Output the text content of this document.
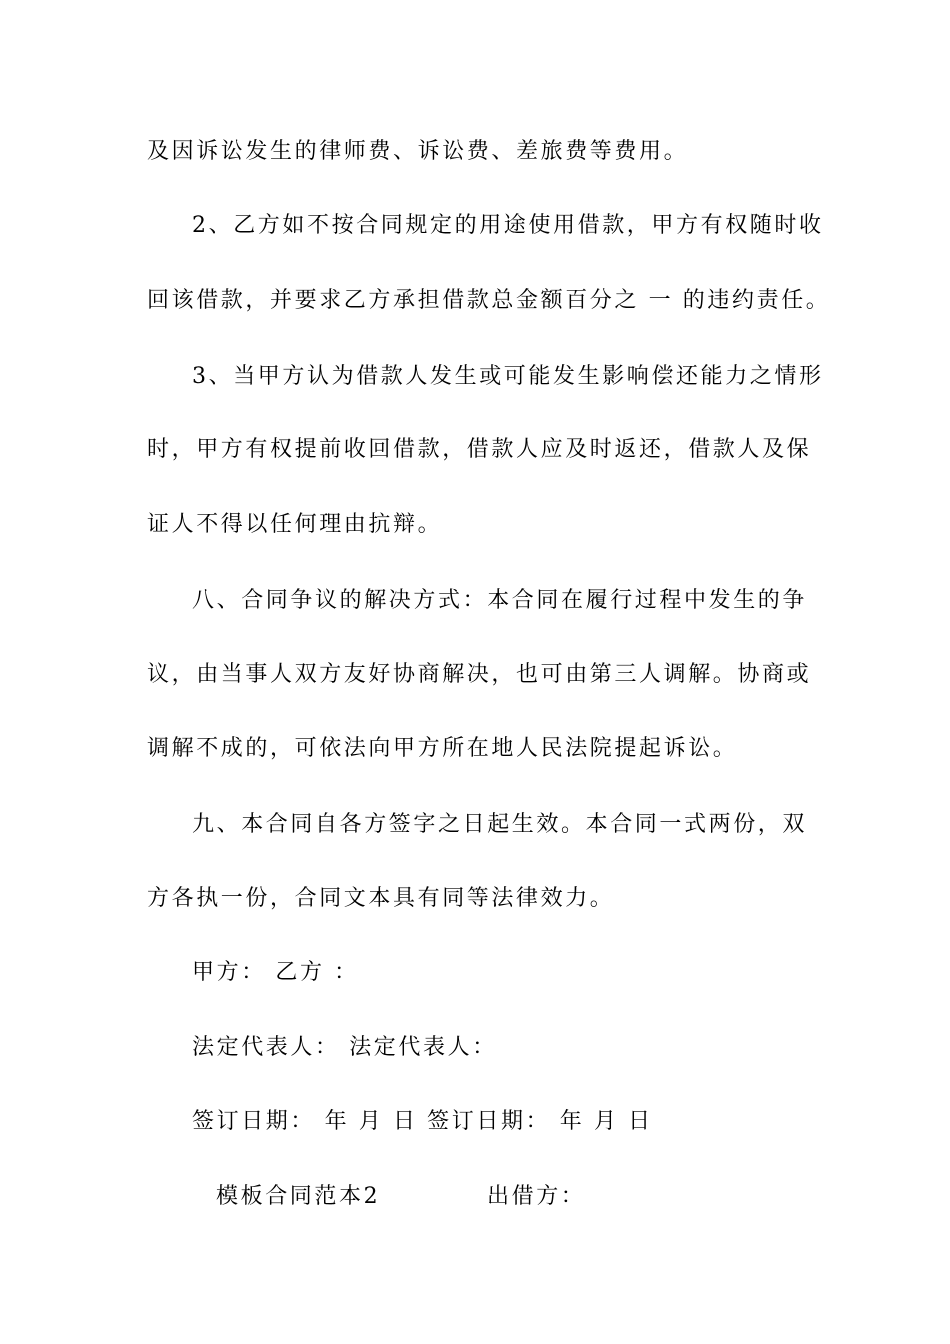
及因诉讼发生的律师费、诉讼费、差旅费等费用。
2、乙方如不按合同规定的用途使用借款，甲方有权随时收
回该借款，并要求乙方承担借款总金额百分之 一 的违约责任。
3、当甲方认为借款人发生或可能发生影响偿还能力之情形
时，甲方有权提前收回借款，借款人应及时返还，借款人及保
证人不得以任何理由抗辩。
八、合同争议的解决方式：本合同在履行过程中发生的争
议，由当事人双方友好协商解决，也可由第三人调解。协商或
调解不成的，可依法向甲方所在地人民法院提起诉讼。
九、本合同自各方签字之日起生效。本合同一式两份，双
方各执一份，合同文本具有同等法律效力。
甲方： 乙方 ：
法定代表人： 法定代表人：
签订日期： 年 月 日 签订日期： 年 月 日
模板合同范本2	出借方：
